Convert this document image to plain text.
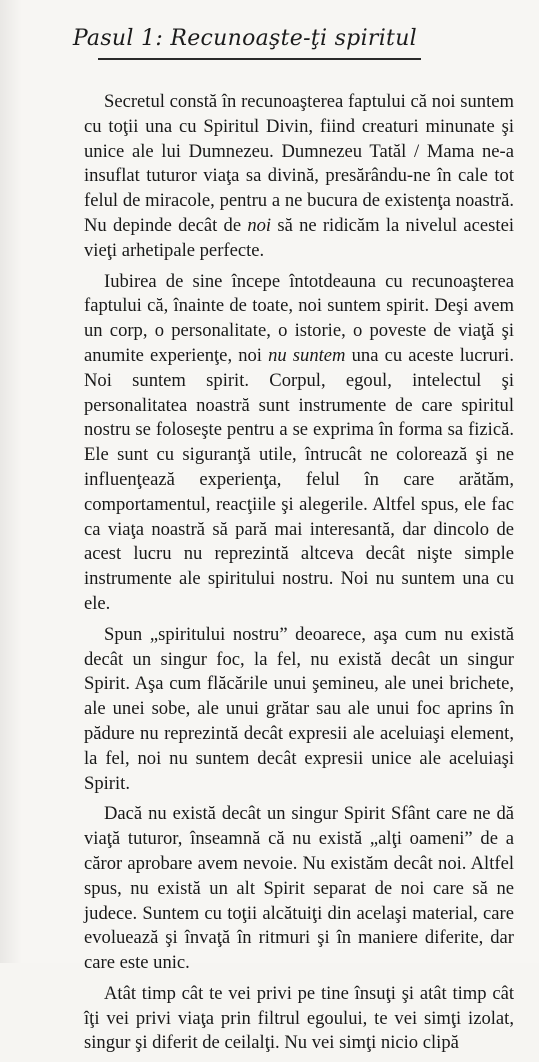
Pasul 1: Recunoaşte-ţi spiritul

Secretul constă în recunoaşterea faptului că noi suntem cu toţii una cu Spiritul Divin, fiind creaturi minunate şi unice ale lui Dumnezeu. Dumnezeu Tatăl / Mama ne-a insuflat tuturor viaţa sa divină, presărându-ne în cale tot felul de miracole, pentru a ne bucura de existenţa noastră. Nu depinde decât de noi să ne ridicăm la nivelul acestei vieţi arhetipale perfecte.

Iubirea de sine începe întotdeauna cu recunoaşterea faptului că, înainte de toate, noi suntem spirit. Deşi avem un corp, o personalitate, o istorie, o poveste de viaţă şi anumite experienţe, noi nu suntem una cu aceste lucruri. Noi suntem spirit. Corpul, egoul, intelectul şi personalitatea noastră sunt instrumente de care spiritul nostru se foloseşte pentru a se exprima în forma sa fizică. Ele sunt cu siguranţă utile, întrucât ne colorează şi ne influenţează experienţa, felul în care arătăm, comportamentul, reacţiile şi alegerile. Altfel spus, ele fac ca viaţa noastră să pară mai interesantă, dar dincolo de acest lucru nu reprezintă altceva decât nişte simple instrumente ale spiritului nostru. Noi nu suntem una cu ele.

Spun „spiritului nostru” deoarece, aşa cum nu există decât un singur foc, la fel, nu există decât un singur Spirit. Aşa cum flăcările unui şemineu, ale unei brichete, ale unei sobe, ale unui grătar sau ale unui foc aprins în pădure nu reprezintă decât expresii ale aceluiaşi element, la fel, noi nu suntem decât expresii unice ale aceluiaşi Spirit.

Dacă nu există decât un singur Spirit Sfânt care ne dă viaţă tuturor, înseamnă că nu există „alţi oameni” de a căror aprobare avem nevoie. Nu existăm decât noi. Altfel spus, nu există un alt Spirit separat de noi care să ne judece. Suntem cu toţii alcătuiţi din acelaşi material, care evoluează şi învaţă în ritmuri şi în maniere diferite, dar care este unic.

Atât timp cât te vei privi pe tine însuţi şi atât timp cât îţi vei privi viaţa prin filtrul egoului, te vei simţi izolat, singur şi diferit de ceilalţi. Nu vei simţi nicio clipă
